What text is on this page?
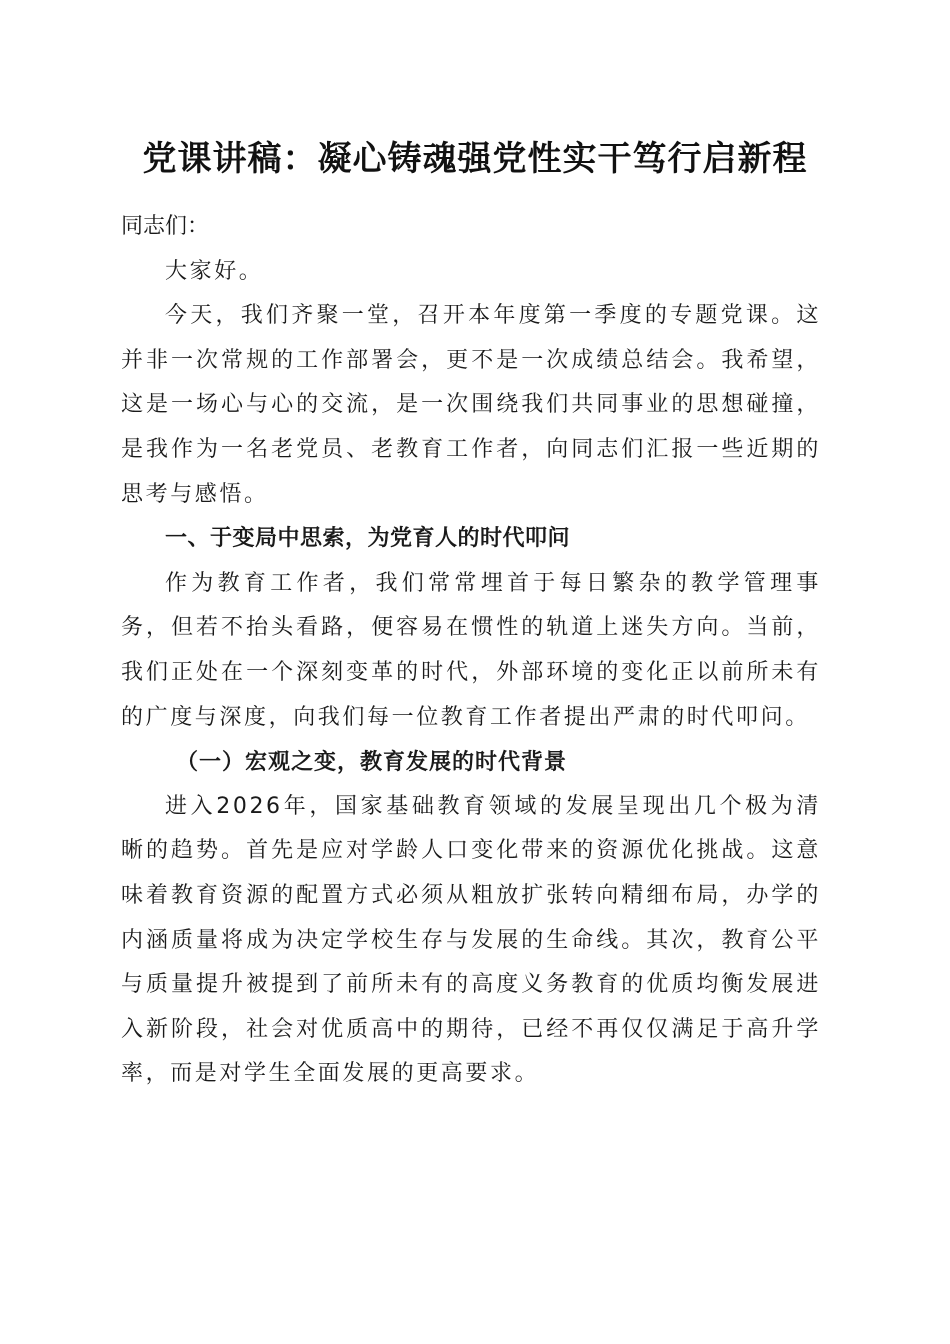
党课讲稿：凝心铸魂强党性实干笃行启新程

同志们：

大家好。

今天，我们齐聚一堂，召开本年度第一季度的专题党课。这并非一次常规的工作部署会，更不是一次成绩总结会。我希望，这是一场心与心的交流，是一次围绕我们共同事业的思想碰撞，是我作为一名老党员、老教育工作者，向同志们汇报一些近期的思考与感悟。

一、于变局中思索，为党育人的时代叩问

作为教育工作者，我们常常埋首于每日繁杂的教学管理事务，但若不抬头看路，便容易在惯性的轨道上迷失方向。当前，我们正处在一个深刻变革的时代，外部环境的变化正以前所未有的广度与深度，向我们每一位教育工作者提出严肃的时代叩问。

（一）宏观之变，教育发展的时代背景

进入2026年，国家基础教育领域的发展呈现出几个极为清晰的趋势。首先是应对学龄人口变化带来的资源优化挑战。这意味着教育资源的配置方式必须从粗放扩张转向精细布局，办学的内涵质量将成为决定学校生存与发展的生命线。其次，教育公平与质量提升被提到了前所未有的高度义务教育的优质均衡发展进入新阶段，社会对优质高中的期待，已经不再仅仅满足于高升学率，而是对学生全面发展的更高要求。
